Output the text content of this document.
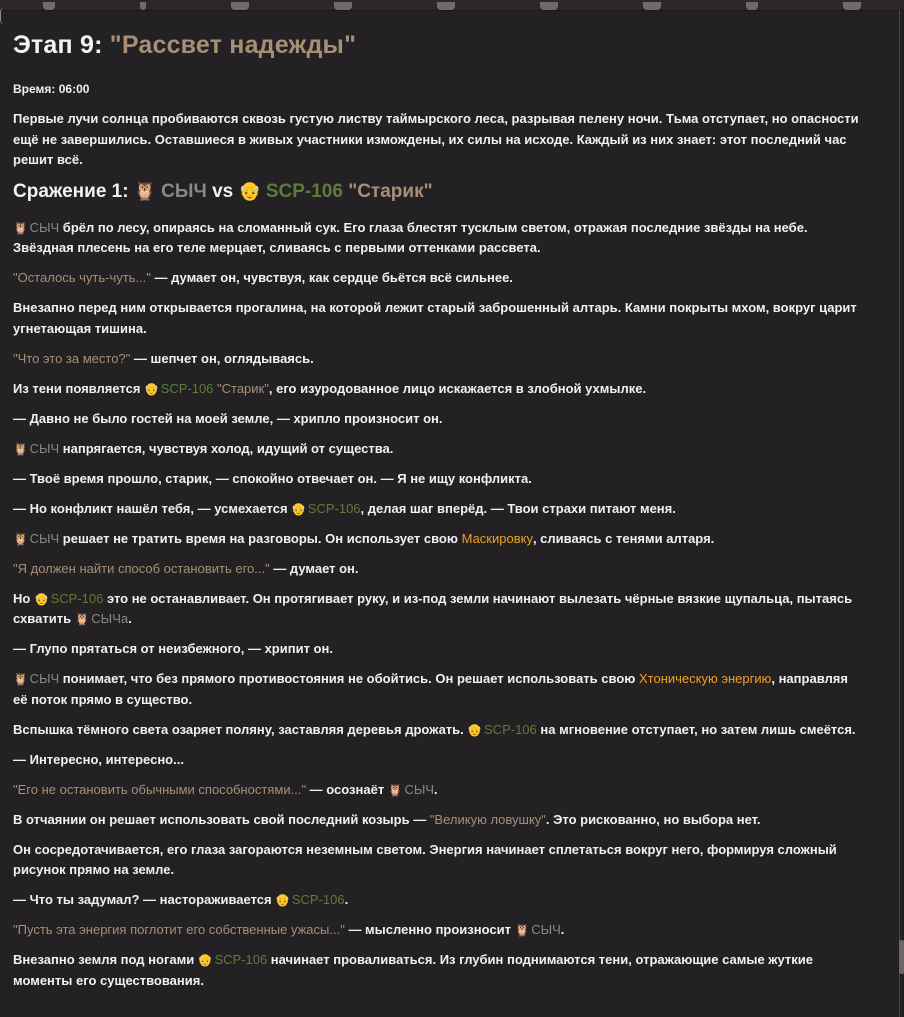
Этап 9: "Рассвет надежды"
Время: 06:00

Первые лучи солнца пробиваются сквозь густую листву таймырского леса, разрывая пелену ночи. Тьма отступает, но опасности ещё не завершились. Оставшиеся в живых участники измождены, их силы на исходе. Каждый из них знает: этот последний час решит всё.

Сражение 1: 🦉 СЫЧ vs 👴 SCP-106 "Старик"

🦉 СЫЧ брёл по лесу, опираясь на сломанный сук. Его глаза блестят тусклым светом, отражая последние звёзды на небе. Звёздная плесень на его теле мерцает, сливаясь с первыми оттенками рассвета.

"Осталось чуть-чуть..." — думает он, чувствуя, как сердце бьётся всё сильнее.

Внезапно перед ним открывается прогалина, на которой лежит старый заброшенный алтарь. Камни покрыты мхом, вокруг царит угнетающая тишина.

"Что это за место?" — шепчет он, оглядываясь.

Из тени появляется 👴 SCP-106 "Старик", его изуродованное лицо искажается в злобной ухмылке.

— Давно не было гостей на моей земле, — хрипло произносит он.

🦉 СЫЧ напрягается, чувствуя холод, идущий от существа.

— Твоё время прошло, старик, — спокойно отвечает он. — Я не ищу конфликта.

— Но конфликт нашёл тебя, — усмехается 👴 SCP-106, делая шаг вперёд. — Твои страхи питают меня.

🦉 СЫЧ решает не тратить время на разговоры. Он использует свою Маскировку, сливаясь с тенями алтаря.

"Я должен найти способ остановить его..." — думает он.

Но 👴 SCP-106 это не останавливает. Он протягивает руку, и из-под земли начинают вылезать чёрные вязкие щупальца, пытаясь схватить 🦉 СЫЧа.

— Глупо прятаться от неизбежного, — хрипит он.

🦉 СЫЧ понимает, что без прямого противостояния не обойтись. Он решает использовать свою Хтоническую энергию, направляя её поток прямо в существо.

Вспышка тёмного света озаряет поляну, заставляя деревья дрожать. 👴 SCP-106 на мгновение отступает, но затем лишь смеётся.

— Интересно, интересно...

"Его не остановить обычными способностями..." — осознаёт 🦉 СЫЧ.

В отчаянии он решает использовать свой последний козырь — "Великую ловушку". Это рискованно, но выбора нет.

Он сосредотачивается, его глаза загораются неземным светом. Энергия начинает сплетаться вокруг него, формируя сложный рисунок прямо на земле.

— Что ты задумал? — настораживается 👴 SCP-106.

"Пусть эта энергия поглотит его собственные ужасы..." — мысленно произносит 🦉 СЫЧ.

Внезапно земля под ногами 👴 SCP-106 начинает проваливаться. Из глубин поднимаются тени, отражающие самые жуткие моменты его существования.
